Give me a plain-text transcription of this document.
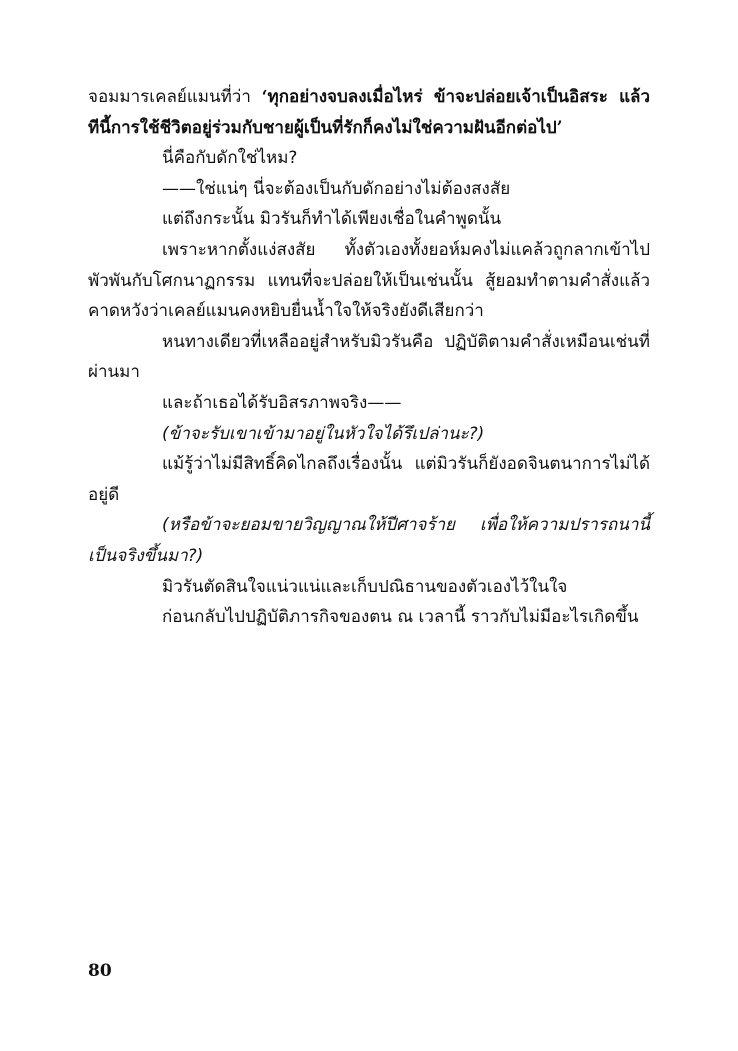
จอมมารเคลย์แมนที่ว่า ‘ทุกอย่างจบลงเมื่อไหร่ ข้าจะปล่อยเจ้าเป็นอิสระ แล้วทีนี้การใช้ชีวิตอยู่ร่วมกับชายผู้เป็นที่รักก็คงไม่ใช่ความฝันอีกต่อไป’

นี่คือกับดักใช่ไหม?

——ใช่แน่ๆ นี่จะต้องเป็นกับดักอย่างไม่ต้องสงสัย

แต่ถึงกระนั้น มิวรันก็ทำได้เพียงเชื่อในคำพูดนั้น

เพราะหากตั้งแง่สงสัย ทั้งตัวเองทั้งยอห์มคงไม่แคล้วถูกลากเข้าไปพัวพันกับโศกนาฏกรรม แทนที่จะปล่อยให้เป็นเช่นนั้น สู้ยอมทำตามคำสั่งแล้วคาดหวังว่าเคลย์แมนคงหยิบยื่นน้ำใจให้จริงยังดีเสียกว่า

หนทางเดียวที่เหลืออยู่สำหรับมิวรันคือ ปฏิบัติตามคำสั่งเหมือนเช่นที่ผ่านมา

และถ้าเธอได้รับอิสรภาพจริง——

(ข้าจะรับเขาเข้ามาอยู่ในหัวใจได้รึเปล่านะ?)

แม้รู้ว่าไม่มีสิทธิ์คิดไกลถึงเรื่องนั้น แต่มิวรันก็ยังอดจินตนาการไม่ได้อยู่ดี

(หรือข้าจะยอมขายวิญญาณให้ปีศาจร้าย เพื่อให้ความปรารถนานี้เป็นจริงขึ้นมา?)

มิวรันตัดสินใจแน่วแน่และเก็บปณิธานของตัวเองไว้ในใจ

ก่อนกลับไปปฏิบัติภารกิจของตน ณ เวลานี้ ราวกับไม่มีอะไรเกิดขึ้น

80
